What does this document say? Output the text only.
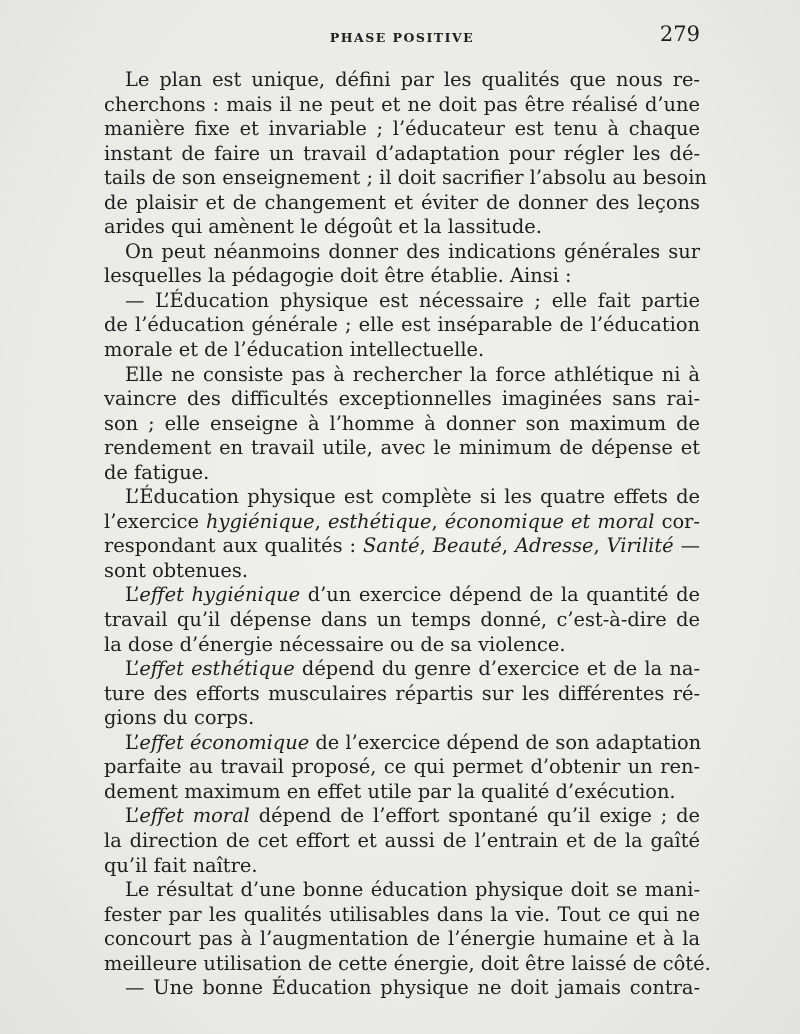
PHASE POSITIVE	279
Le plan est unique, défini par les qualités que nous re-
cherchons : mais il ne peut et ne doit pas être réalisé d’une
manière fixe et invariable ; l’éducateur est tenu à chaque
instant de faire un travail d’adaptation pour régler les dé-
tails de son enseignement ; il doit sacrifier l’absolu au besoin
de plaisir et de changement et éviter de donner des leçons
arides qui amènent le dégoût et la lassitude.
On peut néanmoins donner des indications générales sur
lesquelles la pédagogie doit être établie. Ainsi :
— L’Éducation physique est nécessaire ; elle fait partie
de l’éducation générale ; elle est inséparable de l’éducation
morale et de l’éducation intellectuelle.
Elle ne consiste pas à rechercher la force athlétique ni à
vaincre des difficultés exceptionnelles imaginées sans rai-
son ; elle enseigne à l’homme à donner son maximum de
rendement en travail utile, avec le minimum de dépense et
de fatigue.
L’Éducation physique est complète si les quatre effets de
l’exercice hygiénique, esthétique, économique et moral cor-
respondant aux qualités : Santé, Beauté, Adresse, Virilité —
sont obtenues.
L’effet hygiénique d’un exercice dépend de la quantité de
travail qu’il dépense dans un temps donné, c’est-à-dire de
la dose d’énergie nécessaire ou de sa violence.
L’effet esthétique dépend du genre d’exercice et de la na-
ture des efforts musculaires répartis sur les différentes ré-
gions du corps.
L’effet économique de l’exercice dépend de son adaptation
parfaite au travail proposé, ce qui permet d’obtenir un ren-
dement maximum en effet utile par la qualité d’exécution.
L’effet moral dépend de l’effort spontané qu’il exige ; de
la direction de cet effort et aussi de l’entrain et de la gaîté
qu’il fait naître.
Le résultat d’une bonne éducation physique doit se mani-
fester par les qualités utilisables dans la vie. Tout ce qui ne
concourt pas à l’augmentation de l’énergie humaine et à la
meilleure utilisation de cette énergie, doit être laissé de côté.
— Une bonne Éducation physique ne doit jamais contra-
